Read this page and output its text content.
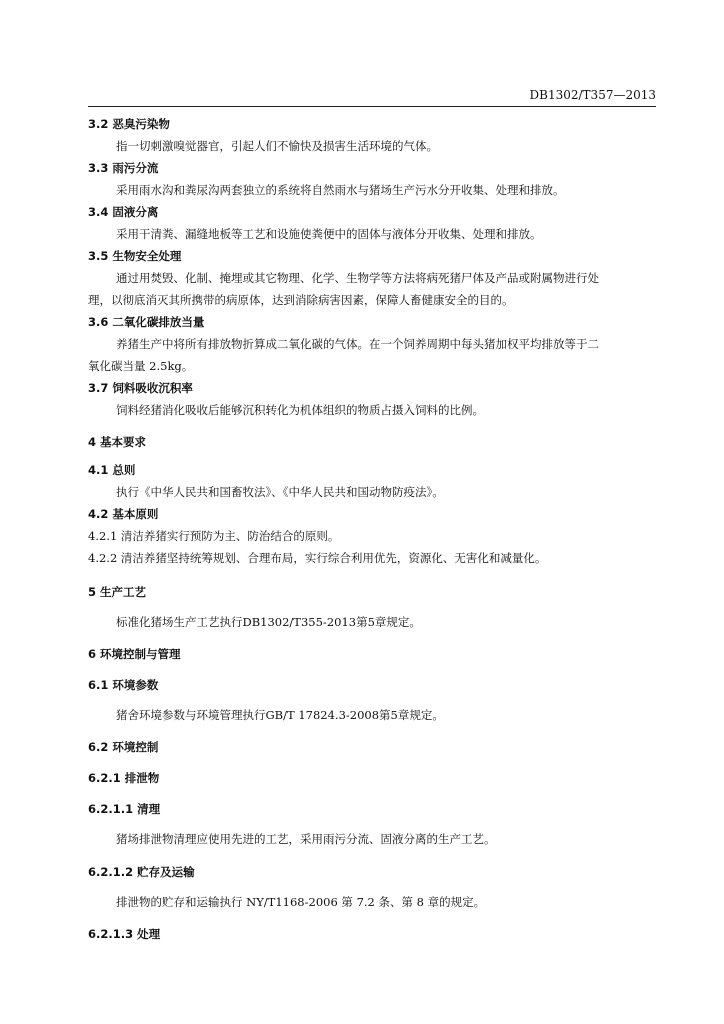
DB1302/T357—2013
3.2 恶臭污染物
指一切刺激嗅觉器官，引起人们不愉快及损害生活环境的气体。
3.3 雨污分流
采用雨水沟和粪尿沟两套独立的系统将自然雨水与猪场生产污水分开收集、处理和排放。
3.4 固液分离
采用干清粪、漏缝地板等工艺和设施使粪便中的固体与液体分开收集、处理和排放。
3.5 生物安全处理
通过用焚毁、化制、掩埋或其它物理、化学、生物学等方法将病死猪尸体及产品或附属物进行处
理，以彻底消灭其所携带的病原体，达到消除病害因素，保障人畜健康安全的目的。
3.6 二氧化碳排放当量
养猪生产中将所有排放物折算成二氧化碳的气体。在一个饲养周期中每头猪加权平均排放等于二
氧化碳当量 2.5kg。
3.7 饲料吸收沉积率
饲料经猪消化吸收后能够沉积转化为机体组织的物质占摄入饲料的比例。
4 基本要求
4.1 总则
执行《中华人民共和国畜牧法》、《中华人民共和国动物防疫法》。
4.2 基本原则
4.2.1 清洁养猪实行预防为主、防治结合的原则。
4.2.2 清洁养猪坚持统筹规划、合理布局，实行综合利用优先，资源化、无害化和减量化。
5 生产工艺
标准化猪场生产工艺执行DB1302/T355-2013第5章规定。
6 环境控制与管理
6.1 环境参数
猪舍环境参数与环境管理执行GB/T 17824.3-2008第5章规定。
6.2 环境控制
6.2.1 排泄物
6.2.1.1 清理
猪场排泄物清理应使用先进的工艺，采用雨污分流、固液分离的生产工艺。
6.2.1.2 贮存及运输
排泄物的贮存和运输执行 NY/T1168-2006 第 7.2 条、第 8 章的规定。
6.2.1.3 处理
